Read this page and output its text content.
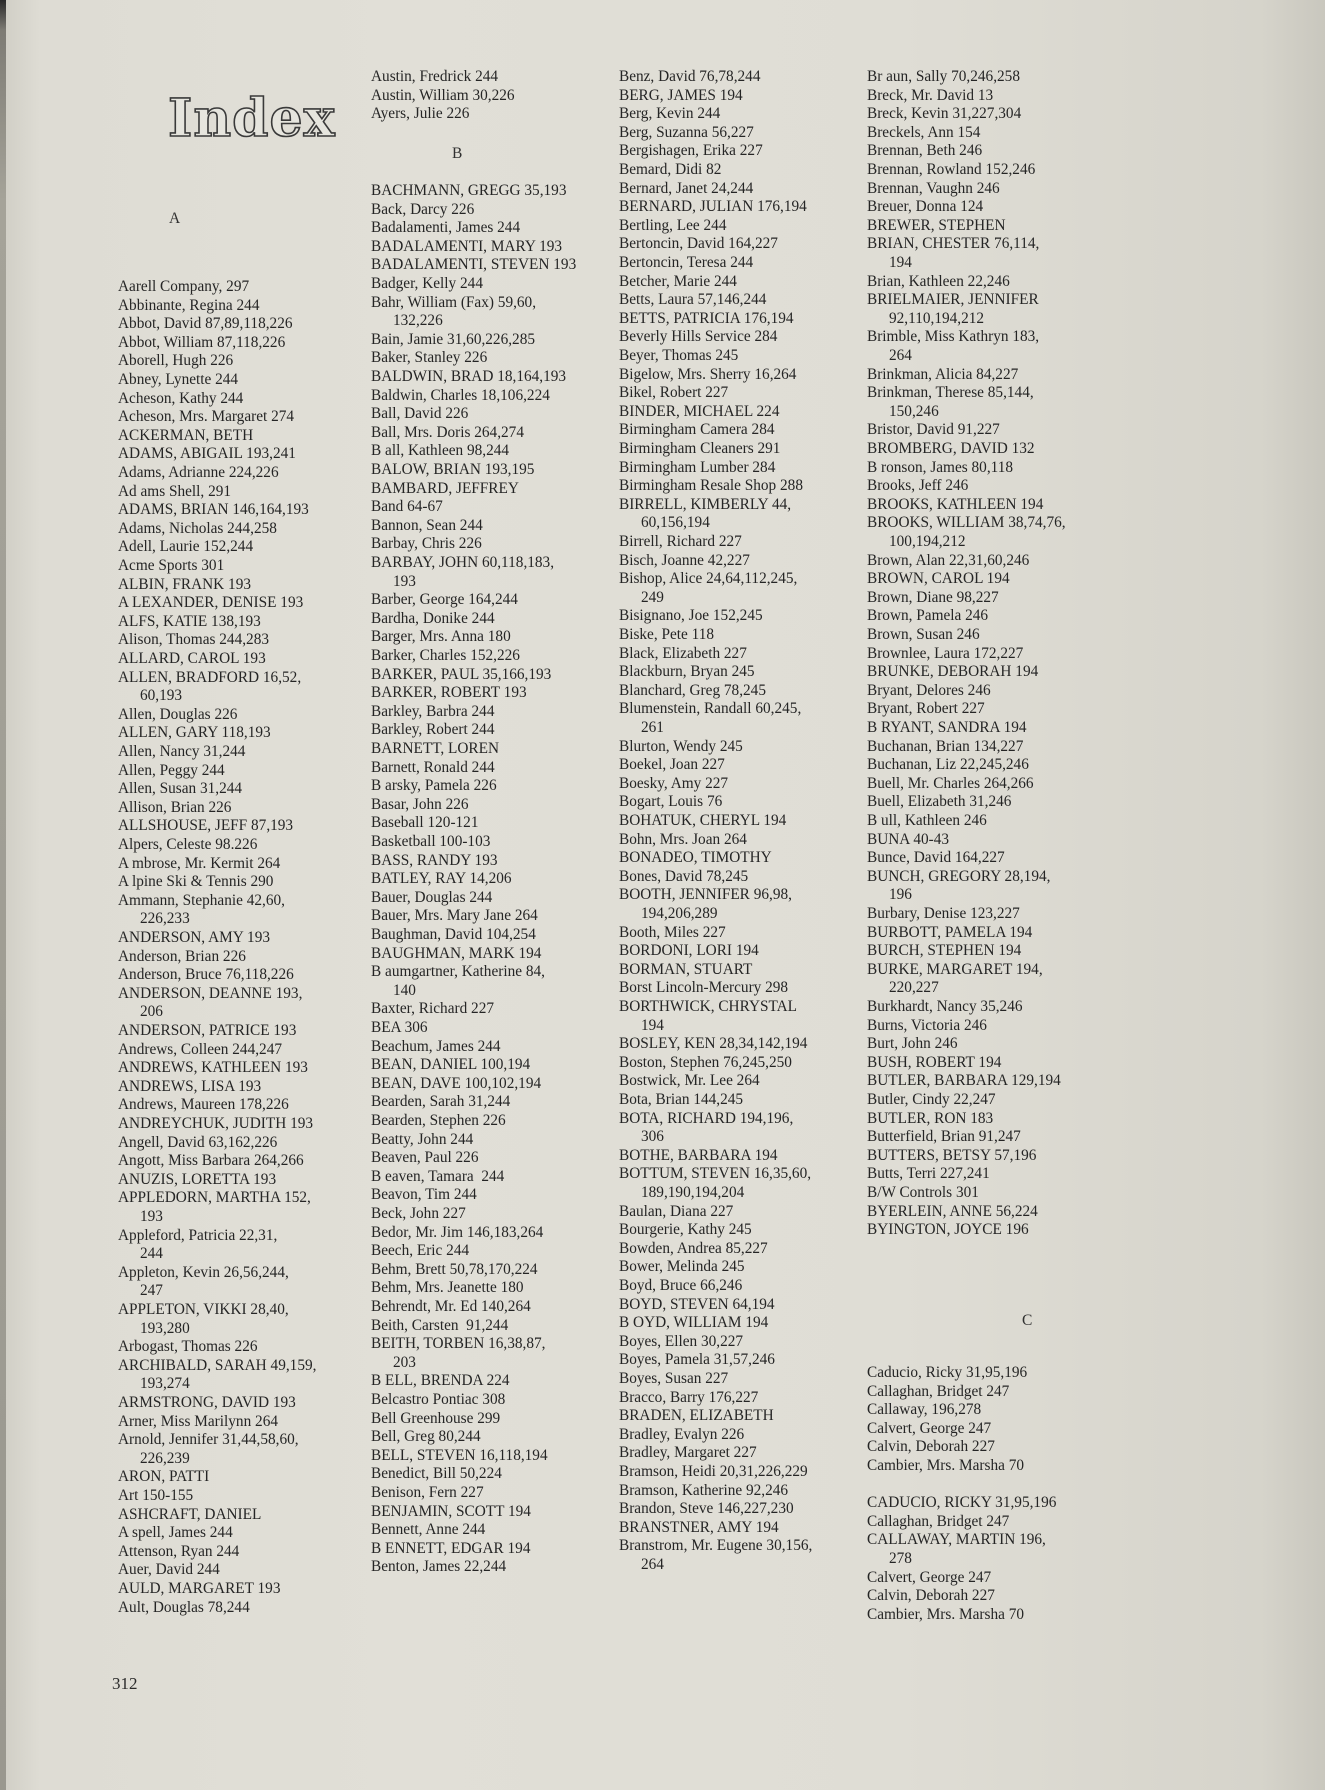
Index
A
Aarell Company, 297
Abbinante, Regina 244
Abbot, David 87,89,118,226
Abbot, William 87,118,226
Aborell, Hugh 226
Abney, Lynette 244
Acheson, Kathy 244
Acheson, Mrs. Margaret 274
ACKERMAN, BETH
ADAMS, ABIGAIL 193,241
Adams, Adrianne 224,226
Ad ams Shell, 291
ADAMS, BRIAN 146,164,193
Adams, Nicholas 244,258
Adell, Laurie 152,244
Acme Sports 301
ALBIN, FRANK 193
A LEXANDER, DENISE 193
ALFS, KATIE 138,193
Alison, Thomas 244,283
ALLARD, CAROL 193
ALLEN, BRADFORD 16,52,
60,193
Allen, Douglas 226
ALLEN, GARY 118,193
Allen, Nancy 31,244
Allen, Peggy 244
Allen, Susan 31,244
Allison, Brian 226
ALLSHOUSE, JEFF 87,193
Alpers, Celeste 98.226
A mbrose, Mr. Kermit 264
A lpine Ski & Tennis 290
Ammann, Stephanie 42,60,
226,233
ANDERSON, AMY 193
Anderson, Brian 226
Anderson, Bruce 76,118,226
ANDERSON, DEANNE 193,
206
ANDERSON, PATRICE 193
Andrews, Colleen 244,247
ANDREWS, KATHLEEN 193
ANDREWS, LISA 193
Andrews, Maureen 178,226
ANDREYCHUK, JUDITH 193
Angell, David 63,162,226
Angott, Miss Barbara 264,266
ANUZIS, LORETTA 193
APPLEDORN, MARTHA 152,
193
Appleford, Patricia 22,31,
244
Appleton, Kevin 26,56,244,
247
APPLETON, VIKKI 28,40,
193,280
Arbogast, Thomas 226
ARCHIBALD, SARAH 49,159,
193,274
ARMSTRONG, DAVID 193
Arner, Miss Marilynn 264
Arnold, Jennifer 31,44,58,60,
226,239
ARON, PATTI
Art 150-155
ASHCRAFT, DANIEL
A spell, James 244
Attenson, Ryan 244
Auer, David 244
AULD, MARGARET 193
Ault, Douglas 78,244
Austin, Fredrick 244
Austin, William 30,226
Ayers, Julie 226
B
BACHMANN, GREGG 35,193
Back, Darcy 226
Badalamenti, James 244
BADALAMENTI, MARY 193
BADALAMENTI, STEVEN 193
Badger, Kelly 244
Bahr, William (Fax) 59,60,
132,226
Bain, Jamie 31,60,226,285
Baker, Stanley 226
BALDWIN, BRAD 18,164,193
Baldwin, Charles 18,106,224
Ball, David 226
Ball, Mrs. Doris 264,274
B all, Kathleen 98,244
BALOW, BRIAN 193,195
BAMBARD, JEFFREY
Band 64-67
Bannon, Sean 244
Barbay, Chris 226
BARBAY, JOHN 60,118,183,
193
Barber, George 164,244
Bardha, Donike 244
Barger, Mrs. Anna 180
Barker, Charles 152,226
BARKER, PAUL 35,166,193
BARKER, ROBERT 193
Barkley, Barbra 244
Barkley, Robert 244
BARNETT, LOREN
Barnett, Ronald 244
B arsky, Pamela 226
Basar, John 226
Baseball 120-121
Basketball 100-103
BASS, RANDY 193
BATLEY, RAY 14,206
Bauer, Douglas 244
Bauer, Mrs. Mary Jane 264
Baughman, David 104,254
BAUGHMAN, MARK 194
B aumgartner, Katherine 84,
140
Baxter, Richard 227
BEA 306
Beachum, James 244
BEAN, DANIEL 100,194
BEAN, DAVE 100,102,194
Bearden, Sarah 31,244
Bearden, Stephen 226
Beatty, John 244
Beaven, Paul 226
B eaven, Tamara  244
Beavon, Tim 244
Beck, John 227
Bedor, Mr. Jim 146,183,264
Beech, Eric 244
Behm, Brett 50,78,170,224
Behm, Mrs. Jeanette 180
Behrendt, Mr. Ed 140,264
Beith, Carsten  91,244
BEITH, TORBEN 16,38,87,
203
B ELL, BRENDA 224
Belcastro Pontiac 308
Bell Greenhouse 299
Bell, Greg 80,244
BELL, STEVEN 16,118,194
Benedict, Bill 50,224
Benison, Fern 227
BENJAMIN, SCOTT 194
Bennett, Anne 244
B ENNETT, EDGAR 194
Benton, James 22,244
Benz, David 76,78,244
BERG, JAMES 194
Berg, Kevin 244
Berg, Suzanna 56,227
Bergishagen, Erika 227
Bemard, Didi 82
Bernard, Janet 24,244
BERNARD, JULIAN 176,194
Bertling, Lee 244
Bertoncin, David 164,227
Bertoncin, Teresa 244
Betcher, Marie 244
Betts, Laura 57,146,244
BETTS, PATRICIA 176,194
Beverly Hills Service 284
Beyer, Thomas 245
Bigelow, Mrs. Sherry 16,264
Bikel, Robert 227
BINDER, MICHAEL 224
Birmingham Camera 284
Birmingham Cleaners 291
Birmingham Lumber 284
Birmingham Resale Shop 288
BIRRELL, KIMBERLY 44,
60,156,194
Birrell, Richard 227
Bisch, Joanne 42,227
Bishop, Alice 24,64,112,245,
249
Bisignano, Joe 152,245
Biske, Pete 118
Black, Elizabeth 227
Blackburn, Bryan 245
Blanchard, Greg 78,245
Blumenstein, Randall 60,245,
261
Blurton, Wendy 245
Boekel, Joan 227
Boesky, Amy 227
Bogart, Louis 76
BOHATUK, CHERYL 194
Bohn, Mrs. Joan 264
BONADEO, TIMOTHY
Bones, David 78,245
BOOTH, JENNIFER 96,98,
194,206,289
Booth, Miles 227
BORDONI, LORI 194
BORMAN, STUART
Borst Lincoln-Mercury 298
BORTHWICK, CHRYSTAL
194
BOSLEY, KEN 28,34,142,194
Boston, Stephen 76,245,250
Bostwick, Mr. Lee 264
Bota, Brian 144,245
BOTA, RICHARD 194,196,
306
BOTHE, BARBARA 194
BOTTUM, STEVEN 16,35,60,
189,190,194,204
Baulan, Diana 227
Bourgerie, Kathy 245
Bowden, Andrea 85,227
Bower, Melinda 245
Boyd, Bruce 66,246
BOYD, STEVEN 64,194
B OYD, WILLIAM 194
Boyes, Ellen 30,227
Boyes, Pamela 31,57,246
Boyes, Susan 227
Bracco, Barry 176,227
BRADEN, ELIZABETH
Bradley, Evalyn 226
Bradley, Margaret 227
Bramson, Heidi 20,31,226,229
Bramson, Katherine 92,246
Brandon, Steve 146,227,230
BRANSTNER, AMY 194
Branstrom, Mr. Eugene 30,156,
264
Br aun, Sally 70,246,258
Breck, Mr. David 13
Breck, Kevin 31,227,304
Breckels, Ann 154
Brennan, Beth 246
Brennan, Rowland 152,246
Brennan, Vaughn 246
Breuer, Donna 124
BREWER, STEPHEN
BRIAN, CHESTER 76,114,
194
Brian, Kathleen 22,246
BRIELMAIER, JENNIFER
92,110,194,212
Brimble, Miss Kathryn 183,
264
Brinkman, Alicia 84,227
Brinkman, Therese 85,144,
150,246
Bristor, David 91,227
BROMBERG, DAVID 132
B ronson, James 80,118
Brooks, Jeff 246
BROOKS, KATHLEEN 194
BROOKS, WILLIAM 38,74,76,
100,194,212
Brown, Alan 22,31,60,246
BROWN, CAROL 194
Brown, Diane 98,227
Brown, Pamela 246
Brown, Susan 246
Brownlee, Laura 172,227
BRUNKE, DEBORAH 194
Bryant, Delores 246
Bryant, Robert 227
B RYANT, SANDRA 194
Buchanan, Brian 134,227
Buchanan, Liz 22,245,246
Buell, Mr. Charles 264,266
Buell, Elizabeth 31,246
B ull, Kathleen 246
BUNA 40-43
Bunce, David 164,227
BUNCH, GREGORY 28,194,
196
Burbary, Denise 123,227
BURBOTT, PAMELA 194
BURCH, STEPHEN 194
BURKE, MARGARET 194,
220,227
Burkhardt, Nancy 35,246
Burns, Victoria 246
Burt, John 246
BUSH, ROBERT 194
BUTLER, BARBARA 129,194
Butler, Cindy 22,247
BUTLER, RON 183
Butterfield, Brian 91,247
BUTTERS, BETSY 57,196
Butts, Terri 227,241
B/W Controls 301
BYERLEIN, ANNE 56,224
BYINGTON, JOYCE 196
C
Caducio, Ricky 31,95,196
Callaghan, Bridget 247
Callaway, 196,278
Calvert, George 247
Calvin, Deborah 227
Cambier, Mrs. Marsha 70
CADUCIO, RICKY 31,95,196
Callaghan, Bridget 247
CALLAWAY, MARTIN 196,
278
Calvert, George 247
Calvin, Deborah 227
Cambier, Mrs. Marsha 70
312
